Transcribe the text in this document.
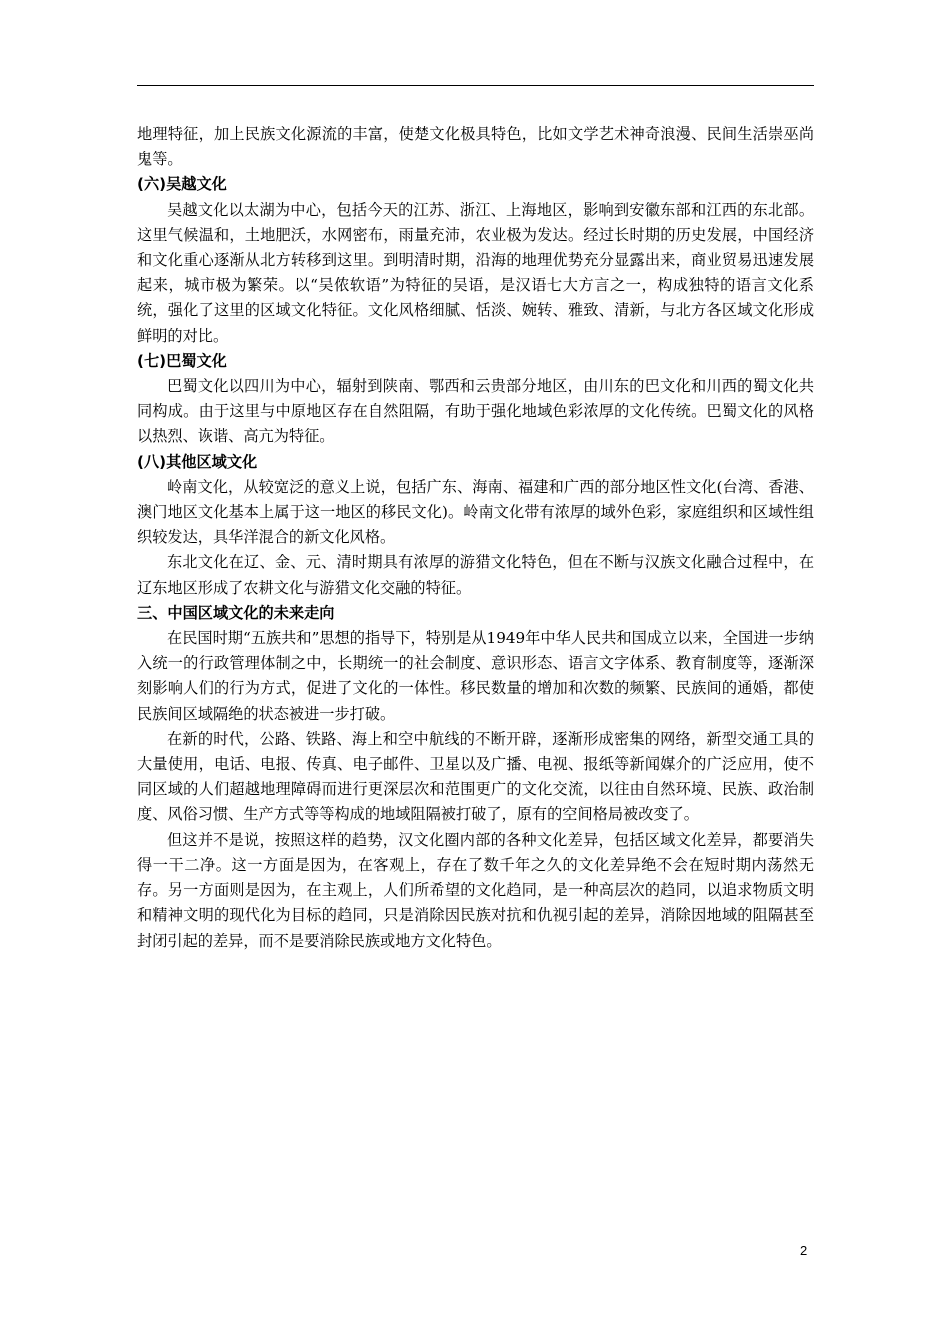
地理特征，加上民族文化源流的丰富，使楚文化极具特色，比如文学艺术神奇浪漫、民间生活崇巫尚鬼等。

(六)吴越文化

吴越文化以太湖为中心，包括今天的江苏、浙江、上海地区，影响到安徽东部和江西的东北部。这里气候温和，土地肥沃，水网密布，雨量充沛，农业极为发达。经过长时期的历史发展，中国经济和文化重心逐渐从北方转移到这里。到明清时期，沿海的地理优势充分显露出来，商业贸易迅速发展起来，城市极为繁荣。以“吴侬软语”为特征的吴语，是汉语七大方言之一，构成独特的语言文化系统，强化了这里的区域文化特征。文化风格细腻、恬淡、婉转、雅致、清新，与北方各区域文化形成鲜明的对比。

(七)巴蜀文化

巴蜀文化以四川为中心，辐射到陕南、鄂西和云贵部分地区，由川东的巴文化和川西的蜀文化共同构成。由于这里与中原地区存在自然阻隔，有助于强化地域色彩浓厚的文化传统。巴蜀文化的风格以热烈、诙谐、高亢为特征。

(八)其他区域文化

岭南文化，从较宽泛的意义上说，包括广东、海南、福建和广西的部分地区性文化(台湾、香港、澳门地区文化基本上属于这一地区的移民文化)。岭南文化带有浓厚的域外色彩，家庭组织和区域性组织较发达，具华洋混合的新文化风格。

东北文化在辽、金、元、清时期具有浓厚的游猎文化特色，但在不断与汉族文化融合过程中，在辽东地区形成了农耕文化与游猎文化交融的特征。

三、中国区域文化的未来走向

在民国时期“五族共和”思想的指导下，特别是从1949年中华人民共和国成立以来，全国进一步纳入统一的行政管理体制之中，长期统一的社会制度、意识形态、语言文字体系、教育制度等，逐渐深刻影响人们的行为方式，促进了文化的一体性。移民数量的增加和次数的频繁、民族间的通婚，都使民族间区域隔绝的状态被进一步打破。

在新的时代，公路、铁路、海上和空中航线的不断开辟，逐渐形成密集的网络，新型交通工具的大量使用，电话、电报、传真、电子邮件、卫星以及广播、电视、报纸等新闻媒介的广泛应用，使不同区域的人们超越地理障碍而进行更深层次和范围更广的文化交流，以往由自然环境、民族、政治制度、风俗习惯、生产方式等等构成的地域阻隔被打破了，原有的空间格局被改变了。

但这并不是说，按照这样的趋势，汉文化圈内部的各种文化差异，包括区域文化差异，都要消失得一干二净。这一方面是因为，在客观上，存在了数千年之久的文化差异绝不会在短时期内荡然无存。另一方面则是因为，在主观上，人们所希望的文化趋同，是一种高层次的趋同，以追求物质文明和精神文明的现代化为目标的趋同，只是消除因民族对抗和仇视引起的差异，消除因地域的阻隔甚至封闭引起的差异，而不是要消除民族或地方文化特色。

2
